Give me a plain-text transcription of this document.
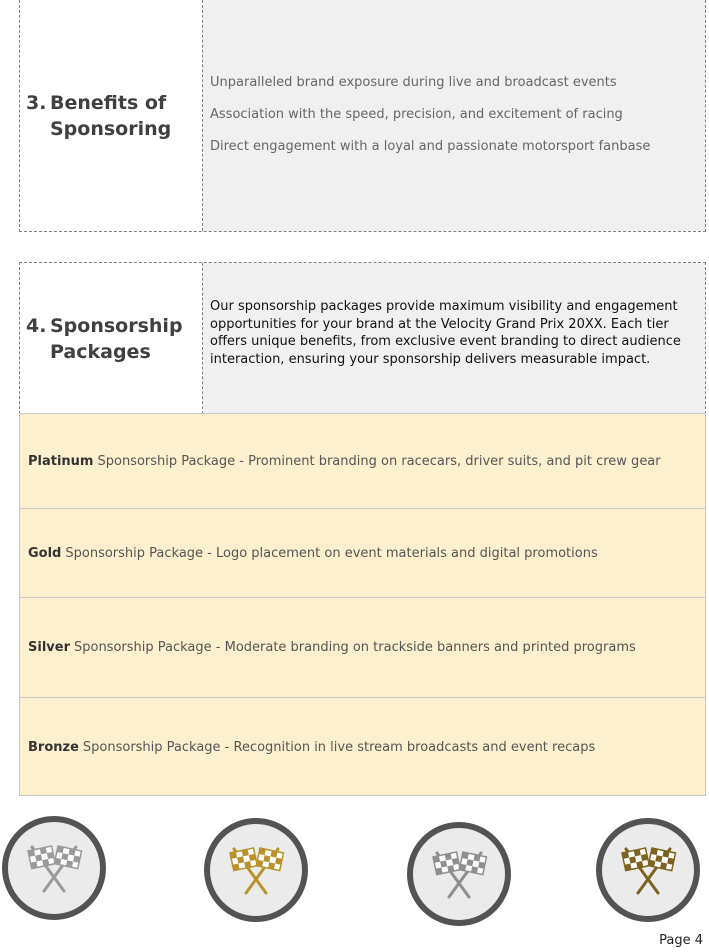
3. Benefits of Sponsoring
Unparalleled brand exposure during live and broadcast events
Association with the speed, precision, and excitement of racing
Direct engagement with a loyal and passionate motorsport fanbase
4. Sponsorship Packages
Our sponsorship packages provide maximum visibility and engagement opportunities for your brand at the Velocity Grand Prix 20XX. Each tier offers unique benefits, from exclusive event branding to direct audience interaction, ensuring your sponsorship delivers measurable impact.
Platinum Sponsorship Package - Prominent branding on racecars, driver suits, and pit crew gear
Gold Sponsorship Package - Logo placement on event materials and digital promotions
Silver Sponsorship Package - Moderate branding on trackside banners and printed programs
Bronze Sponsorship Package - Recognition in live stream broadcasts and event recaps
Page 4
